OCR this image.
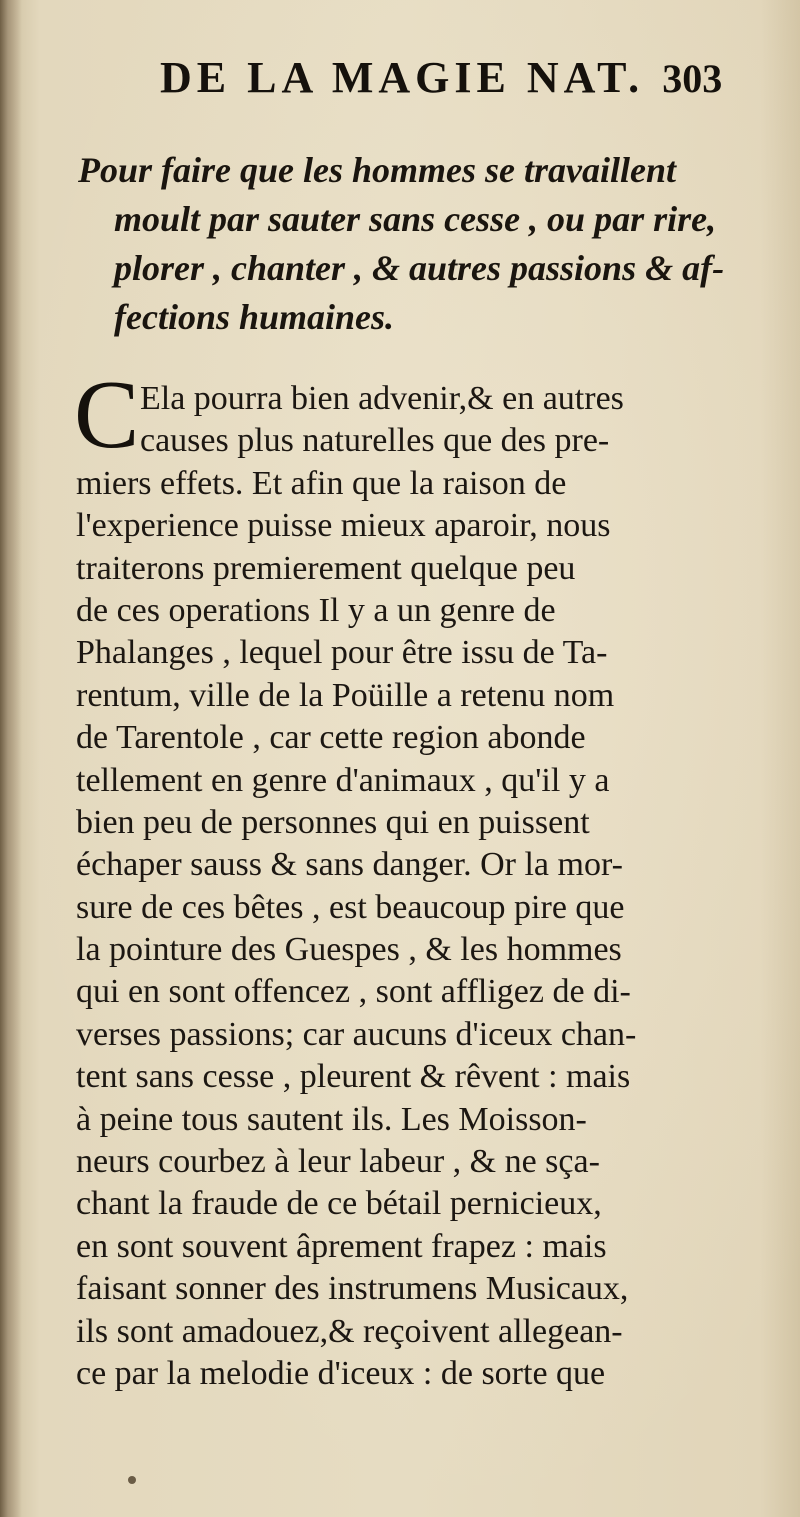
DE LA MAGIE NAT. 303
Pour faire que les hommes se travaillent
moult par sauter sans cesse , ou par rire,
plorer , chanter , & autres passions & af-
fections humaines.
C Ela pourra bien advenir,& en autres
causes plus naturelles que des pre-
miers effets. Et afin que la raison de
l'experience puisse mieux aparoir, nous
traiterons premierement quelque peu
de ces operations Il y a un genre de
Phalanges , lequel pour être issu de Ta-
rentum, ville de la Poüille a retenu nom
de Tarentole , car cette region abonde
tellement en genre d'animaux , qu'il y a
bien peu de personnes qui en puissent
échaper sauss & sans danger. Or la mor-
sure de ces bêtes , est beaucoup pire que
la pointure des Guespes , & les hommes
qui en sont offencez , sont affligez de di-
verses passions; car aucuns d'iceux chan-
tent sans cesse , pleurent & rêvent : mais
à peine tous sautent ils. Les Moisson-
neurs courbez à leur labeur , & ne sça-
chant la fraude de ce bétail pernicieux,
en sont souvent âprement frapez : mais
faisant sonner des instrumens Musicaux,
ils sont amadouez,& reçoivent allegean-
ce par la melodie d'iceux : de sorte que
